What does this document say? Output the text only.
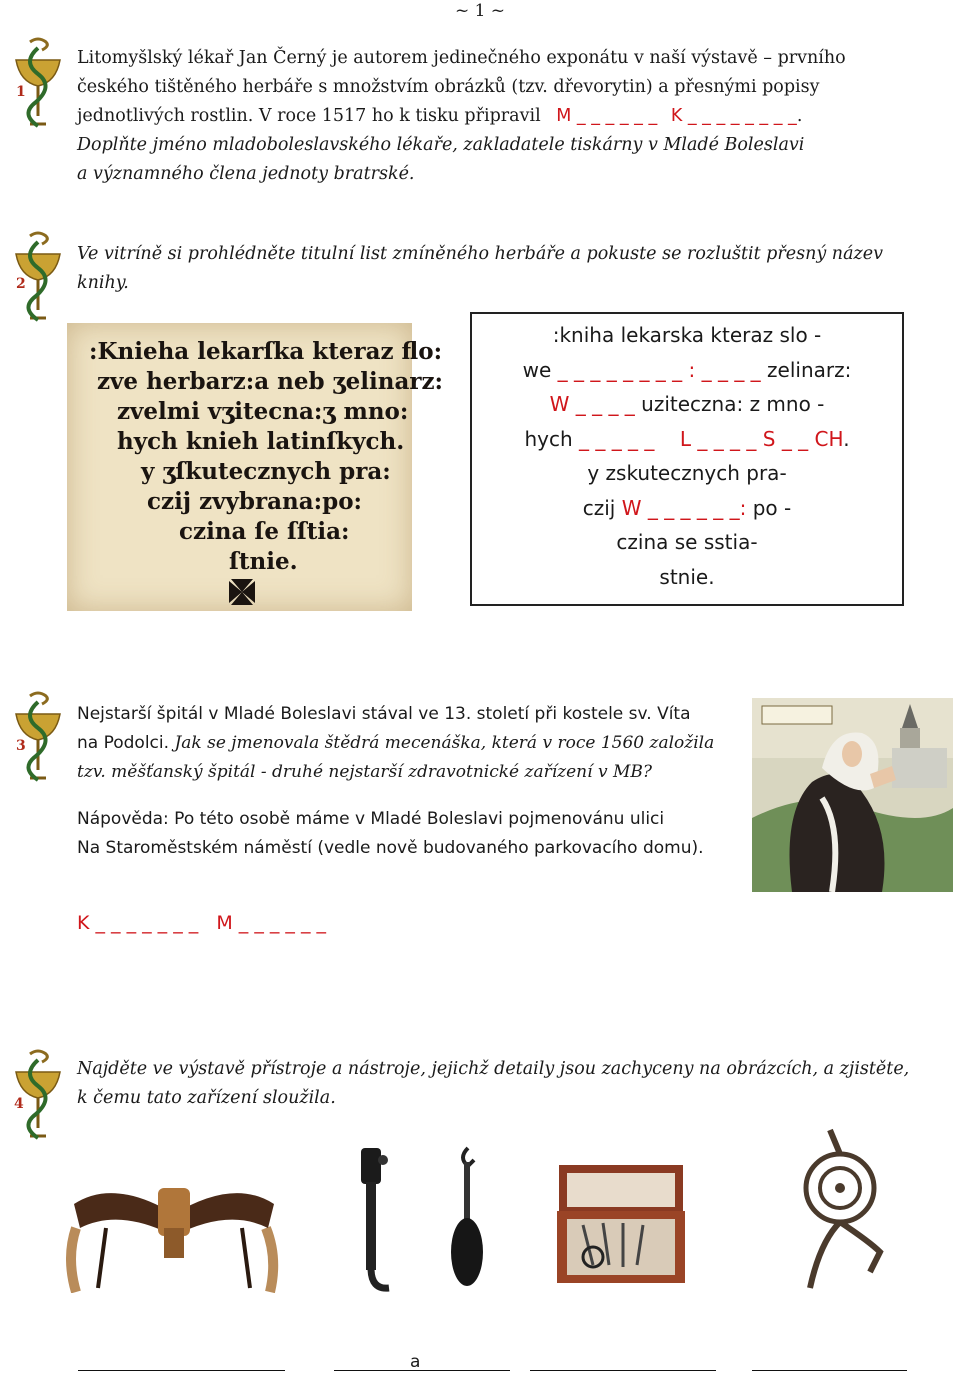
~ 1 ~
1
Litomyšlský lékař Jan Černý je autorem jedinečného exponátu v naší výstavě – prvního
českého tištěného herbáře s množstvím obrázků (tzv. dřevorytin) a přesnými popisy
jednotlivých rostlin. V roce 1517 ho k tisku připravil M _ _ _ _ _ _ K _ _ _ _ _ _ _ _.
Doplňte jméno mladoboleslavského lékaře, zakladatele tiskárny v Mladé Boleslavi
a významného člena jednoty bratrské.
2
Ve vitríně si prohlédněte titulní list zmíněného herbáře a pokuste se rozluštit přesný název
knihy.
:Knieha lekarſka kteraz flo:
zve herbarz:a neb ʒelinarz:
zvelmi vʒitecna:ʒ mno:
hych knieh latinſkych.
y ʒſkutecznych pra:
czij zvybrana:po:
czina ſe ſſtia:
ſtnie.
:kniha lekarska kteraz slo -
we _ _ _ _ _ _ _ _ : _ _ _ _ zelinarz:
W _ _ _ _ uziteczna: z mno -
hych _ _ _ _ _    L _ _ _ _ S _ _ CH.
y zskutecznych pra-
czij W _ _ _ _ _ _: po -
czina se sstia-
stnie.
3
Nejstarší špitál v Mladé Boleslavi stával ve 13. století při kostele sv. Víta
na Podolci. Jak se jmenovala štědrá mecenáška, která v roce 1560 založila
tzv. měšťanský špitál - druhé nejstarší zdravotnické zařízení v MB?
Nápověda: Po této osobě máme v Mladé Boleslavi pojmenovánu ulici
Na Staroměstském náměstí (vedle nově budovaného parkovacího domu).
K _ _ _ _ _ _ _   M _ _ _ _ _ _
4
Najděte ve výstavě přístroje a nástroje, jejichž detaily jsou zachyceny na obrázcích, a zjistěte,
k čemu tato zařízení sloužila.
a
